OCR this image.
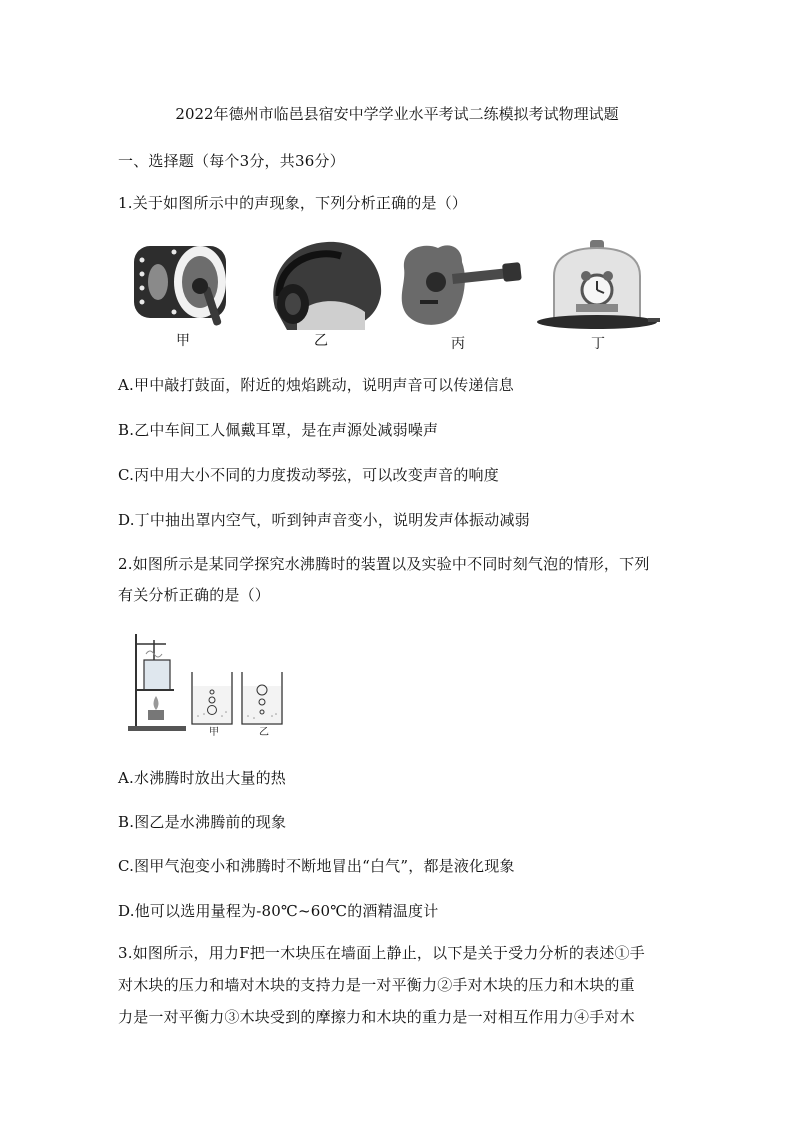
2022年德州市临邑县宿安中学学业水平考试二练模拟考试物理试题
一、选择题（每个3分，共36分）
1.关于如图所示中的声现象，下列分析正确的是（）
甲	乙	丙	丁
A.甲中敲打鼓面，附近的烛焰跳动，说明声音可以传递信息
B.乙中车间工人佩戴耳罩，是在声源处减弱噪声
C.丙中用大小不同的力度拨动琴弦，可以改变声音的响度
D.丁中抽出罩内空气，听到钟声音变小，说明发声体振动减弱
2.如图所示是某同学探究水沸腾时的装置以及实验中不同时刻气泡的情形，下列
有关分析正确的是（）
甲	乙
A.水沸腾时放出大量的热
B.图乙是水沸腾前的现象
C.图甲气泡变小和沸腾时不断地冒出“白气”，都是液化现象
D.他可以选用量程为-80℃~60℃的酒精温度计
3.如图所示，用力F把一木块压在墙面上静止，以下是关于受力分析的表述①手
对木块的压力和墙对木块的支持力是一对平衡力②手对木块的压力和木块的重
力是一对平衡力③木块受到的摩擦力和木块的重力是一对相互作用力④手对木
